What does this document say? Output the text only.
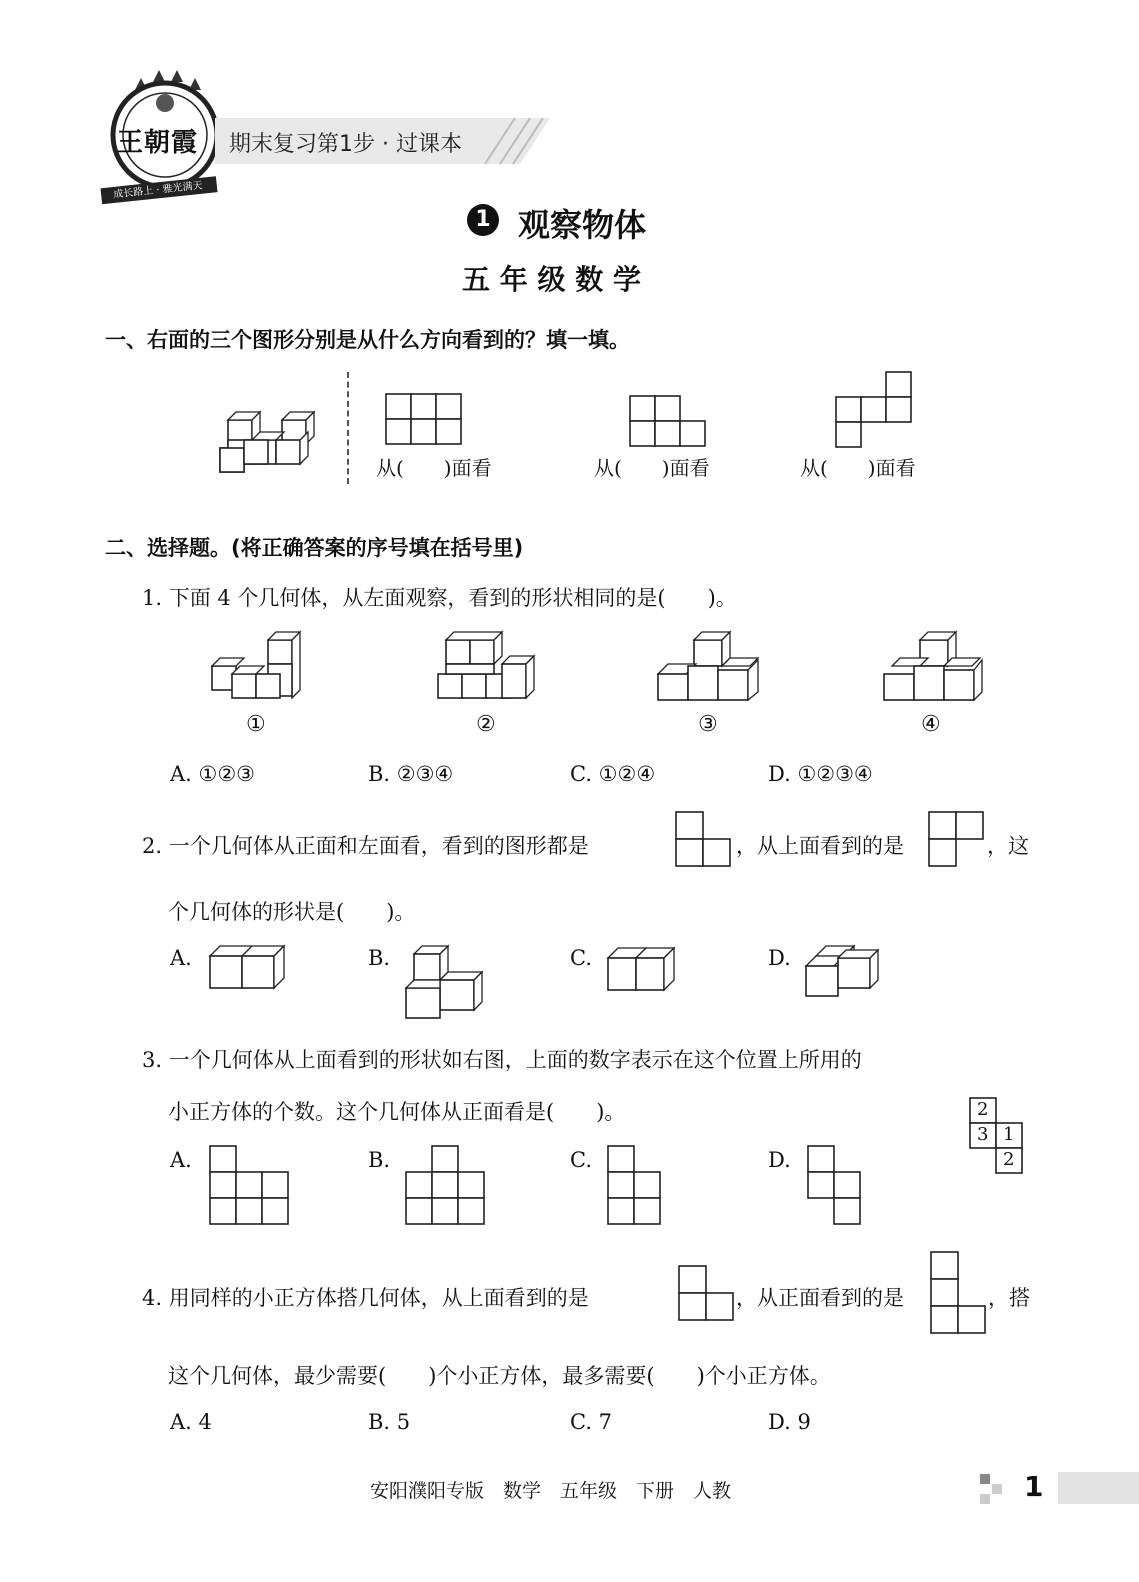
王朝霞
成长路上 · 雅光满天
期末复习第1步 · 过课本
1 观察物体
五 年 级 数 学
一、右面的三个图形分别是从什么方向看到的？填一填。
从(　　)面看	从(　　)面看	从(　　)面看
二、选择题。(将正确答案的序号填在括号里)
1. 下面 4 个几何体，从左面观察，看到的形状相同的是(　　)。
①	②	③	④
A. ①②③	B. ②③④	C. ①②④	D. ①②③④
2. 一个几何体从正面和左面看，看到的图形都是	，从上面看到的是	，这
个几何体的形状是(　　)。
A.	B.	C.	D.
3. 一个几何体从上面看到的形状如右图，上面的数字表示在这个位置上所用的
小正方体的个数。这个几何体从正面看是(　　)。	2
3 1
2
A.	B.	C.	D.
4. 用同样的小正方体搭几何体，从上面看到的是	，从正面看到的是	，搭
这个几何体，最少需要(　　)个小正方体，最多需要(　　)个小正方体。
A. 4	B. 5	C. 7	D. 9
安阳濮阳专版　数学　五年级　下册　人教	1
